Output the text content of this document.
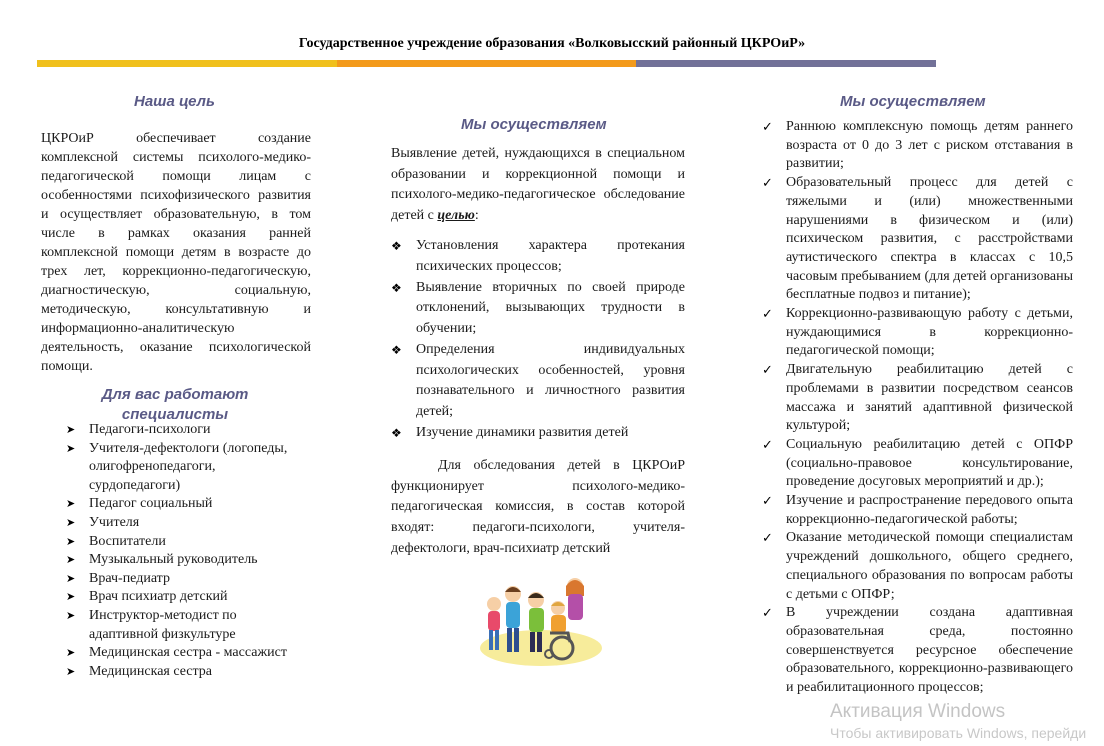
Государственное учреждение образования «Волковысский районный ЦКРОиР»
Наша цель
ЦКРОиР обеспечивает создание комплексной системы психолого-медико-педагогической помощи лицам с особенностями психофизического развития и осуществляет образовательную, в том числе в рамках оказания ранней комплексной помощи детям в возрасте до трех лет, коррекционно-педагогическую, диагностическую, социальную, методическую, консультативную и информационно-аналитическую деятельность, оказание психологической помощи.
Для вас работают специалисты
➤ Педагоги-психологи
➤ Учителя-дефектологи (логопеды, олигофренопедагоги, сурдопедагоги)
➤ Педагог социальный
➤ Учителя
➤ Воспитатели
➤ Музыкальный руководитель
➤ Врач-педиатр
➤ Врач психиатр детский
➤ Инструктор-методист по адаптивной физкультуре
➤ Медицинская сестра - массажист
➤ Медицинская сестра
Мы осуществляем
Выявление детей, нуждающихся в специальном образовании и коррекционной помощи и психолого-медико-педагогическое обследование детей с целью:
❖ Установления характера протекания психических процессов;
❖ Выявление вторичных по своей природе отклонений, вызывающих трудности в обучении;
❖ Определения индивидуальных психологических особенностей, уровня познавательного и личностного развития детей;
❖ Изучение динамики развития детей
Для обследования детей в ЦКРОиР функционирует психолого-медико-педагогическая комиссия, в состав которой входят: педагоги-психологи, учителя-дефектологи, врач-психиатр детский
Мы осуществляем
✓ Раннюю комплексную помощь детям раннего возраста от 0 до 3 лет с риском отставания в развитии;
✓ Образовательный процесс для детей с тяжелыми и (или) множественными нарушениями в физическом и (или) психическом развития, с расстройствами аутистического спектра в классах с 10,5 часовым пребыванием (для детей организованы бесплатные подвоз и питание);
✓ Коррекционно-развивающую работу с детьми, нуждающимися в коррекционно- педагогической помощи;
✓ Двигательную реабилитацию детей с проблемами в развитии посредством сеансов массажа и занятий адаптивной физической культурой;
✓ Социальную реабилитацию детей с ОПФР (социально-правовое консультирование, проведение досуговых мероприятий и др.);
✓ Изучение и распространение передового опыта коррекционно-педагогической работы;
✓ Оказание методической помощи специалистам учреждений дошкольного, общего среднего, специального образования по вопросам работы с детьми с ОПФР;
✓ В учреждении создана адаптивная образовательная среда, постоянно совершенствуется ресурсное обеспечение образовательного, коррекционно-развивающего и реабилитационного процессов;
Активация Windows
Чтобы активировать Windows, перейди
